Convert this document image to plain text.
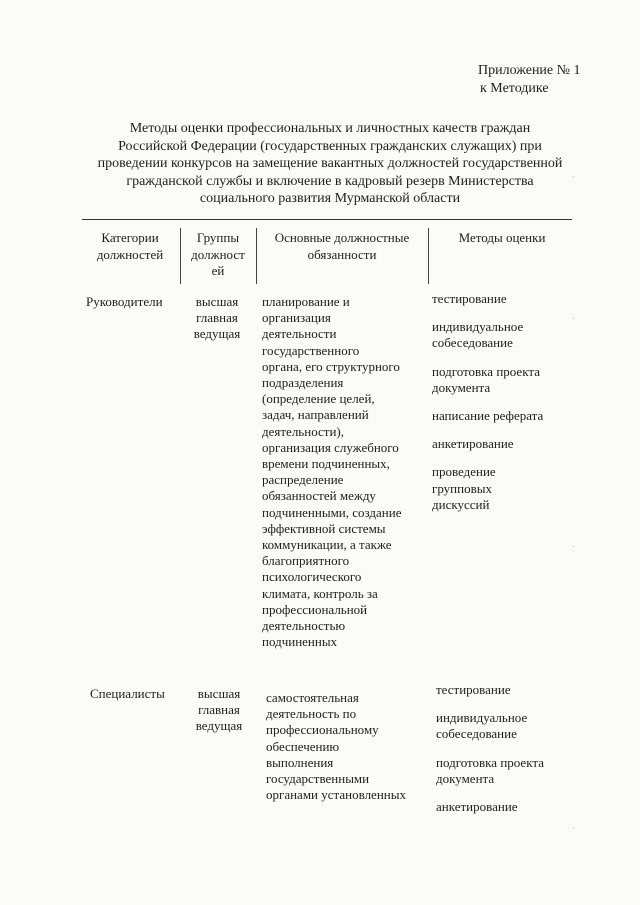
Приложение № 1
к Методике
Методы оценки профессиональных и личностных качеств граждан
Российской Федерации (государственных гражданских служащих) при
проведении конкурсов на замещение вакантных должностей государственной
гражданской службы и включение в кадровый резерв Министерства
социального развития Мурманской области
Категории
должностей
Группы
должност
ей
Основные должностные
обязанности
Методы оценки
Руководители	высшая
главная
ведущая
планирование и
организация
деятельности
государственного
органа, его структурного
подразделения
(определение целей,
задач, направлений
деятельности),
организация служебного
времени подчиненных,
распределение
обязанностей между
подчиненными, создание
эффективной системы
коммуникации, а также
благоприятного
психологического
климата, контроль за
профессиональной
деятельностью
подчиненных
тестирование
индивидуальное
собеседование
подготовка проекта
документа
написание реферата
анкетирование
проведение
групповых
дискуссий
Специалисты	высшая
главная
ведущая
самостоятельная
деятельность по
профессиональному
обеспечению
выполнения
государственными
органами установленных
тестирование
индивидуальное
собеседование
подготовка проекта
документа
анкетирование
